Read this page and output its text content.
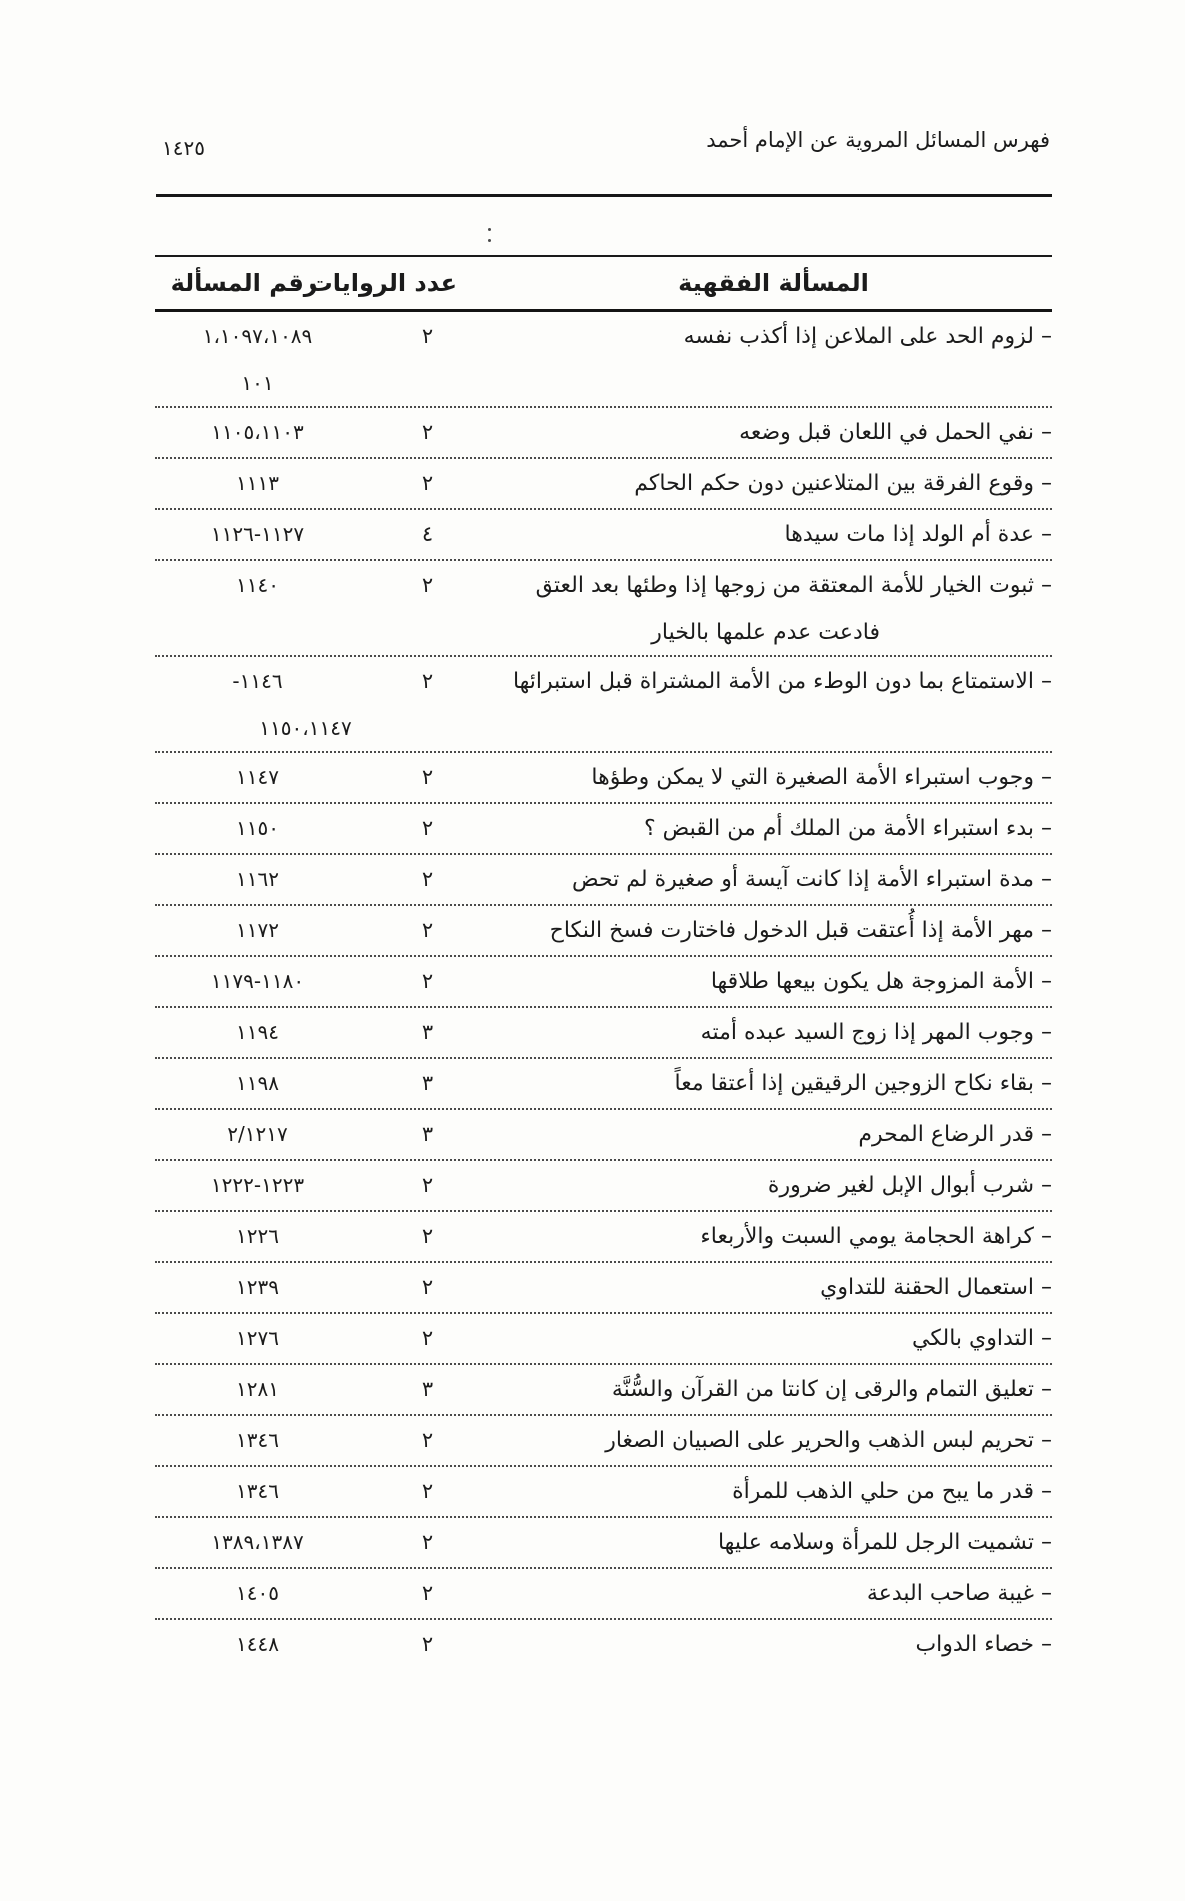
فهرس المسائل المروية عن الإمام أحمد
١٤٢٥
المسألة الفقهية
عدد الروايات
رقم المسألة
– لزوم الحد على الملاعن إذا أكذب نفسه
٢
١،١٠٩٧،١٠٨٩
١٠١
– نفي الحمل في اللعان قبل وضعه
٢
١١٠٥،١١٠٣
– وقوع الفرقة بين المتلاعنين دون حكم الحاكم
٢
١١١٣
– عدة أم الولد إذا مات سيدها
٤
١١٢٧-١١٢٦
– ثبوت الخيار للأمة المعتقة من زوجها إذا وطئها بعد العتق
فادعت عدم علمها بالخيار
٢
١١٤٠
– الاستمتاع بما دون الوطء من الأمة المشتراة قبل استبرائها
٢
-١١٤٦
١١٥٠،١١٤٧
– وجوب استبراء الأمة الصغيرة التي لا يمكن وطؤها
٢
١١٤٧
– بدء استبراء الأمة من الملك أم من القبض ؟
٢
١١٥٠
– مدة استبراء الأمة إذا كانت آيسة أو صغيرة لم تحض
٢
١١٦٢
– مهر الأمة إذا أُعتقت قبل الدخول فاختارت فسخ النكاح
٢
١١٧٢
– الأمة المزوجة هل يكون بيعها طلاقها
٢
١١٨٠-١١٧٩
– وجوب المهر إذا زوج السيد عبده أمته
٣
١١٩٤
– بقاء نكاح الزوجين الرقيقين إذا أعتقا معاً
٣
١١٩٨
– قدر الرضاع المحرم
٣
٢/١٢١٧
– شرب أبوال الإبل لغير ضرورة
٢
١٢٢٣-١٢٢٢
– كراهة الحجامة يومي السبت والأربعاء
٢
١٢٢٦
– استعمال الحقنة للتداوي
٢
١٢٣٩
– التداوي بالكي
٢
١٢٧٦
– تعليق التمام والرقى إن كانتا من القرآن والسُّنَّة
٣
١٢٨١
– تحريم لبس الذهب والحرير على الصبيان الصغار
٢
١٣٤٦
– قدر ما يبح من حلي الذهب للمرأة
٢
١٣٤٦
– تشميت الرجل للمرأة وسلامه عليها
٢
١٣٨٩،١٣٨٧
– غيبة صاحب البدعة
٢
١٤٠٥
– خصاء الدواب
٢
١٤٤٨
